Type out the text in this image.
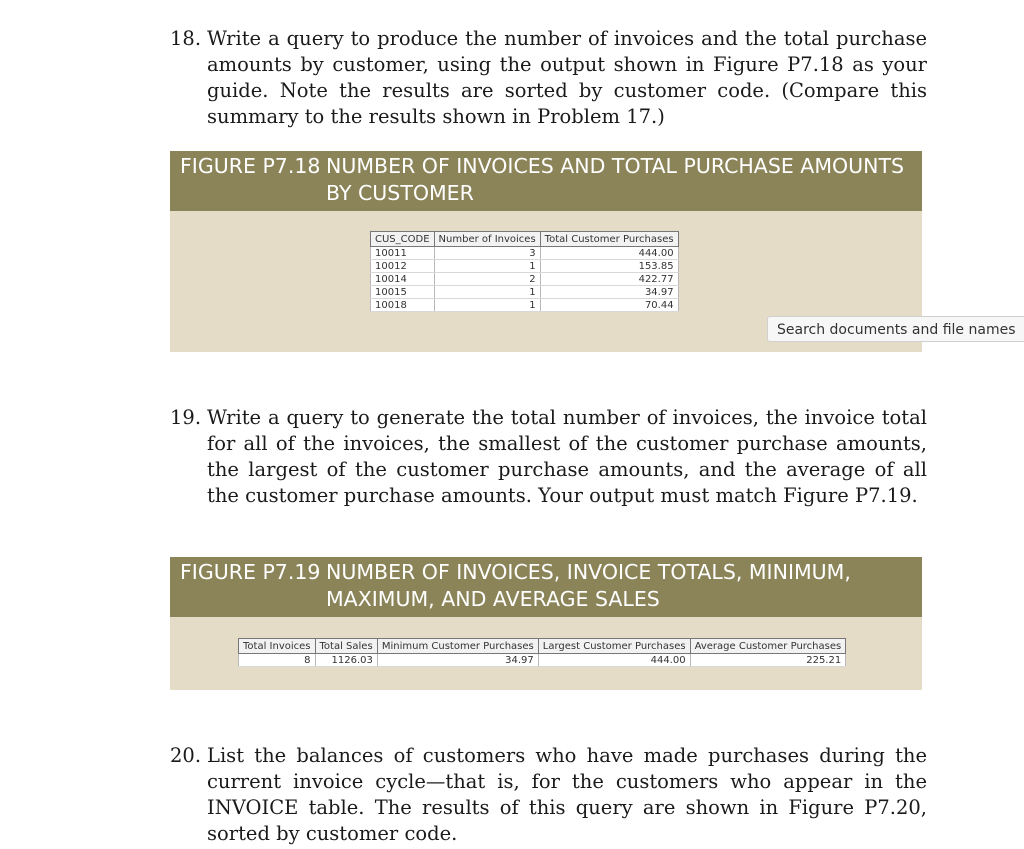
18. Write a query to produce the number of invoices and the total purchase amounts by customer, using the output shown in Figure P7.18 as your guide. Note the results are sorted by customer code. (Compare this summary to the results shown in Problem 17.)
FIGURE P7.18 NUMBER OF INVOICES AND TOTAL PURCHASE AMOUNTS BY CUSTOMER
CUS_CODE	Number of Invoices	Total Customer Purchases
10011	3	444.00
10012	1	153.85
10014	2	422.77
10015	1	34.97
10018	1	70.44
Search documents and file names
19. Write a query to generate the total number of invoices, the invoice total for all of the invoices, the smallest of the customer purchase amounts, the largest of the customer purchase amounts, and the average of all the customer purchase amounts. Your output must match Figure P7.19.
FIGURE P7.19 NUMBER OF INVOICES, INVOICE TOTALS, MINIMUM, MAXIMUM, AND AVERAGE SALES
Total Invoices	Total Sales	Minimum Customer Purchases	Largest Customer Purchases	Average Customer Purchases
8	1126.03	34.97	444.00	225.21
20. List the balances of customers who have made purchases during the current invoice cycle—that is, for the customers who appear in the INVOICE table. The results of this query are shown in Figure P7.20, sorted by customer code.
